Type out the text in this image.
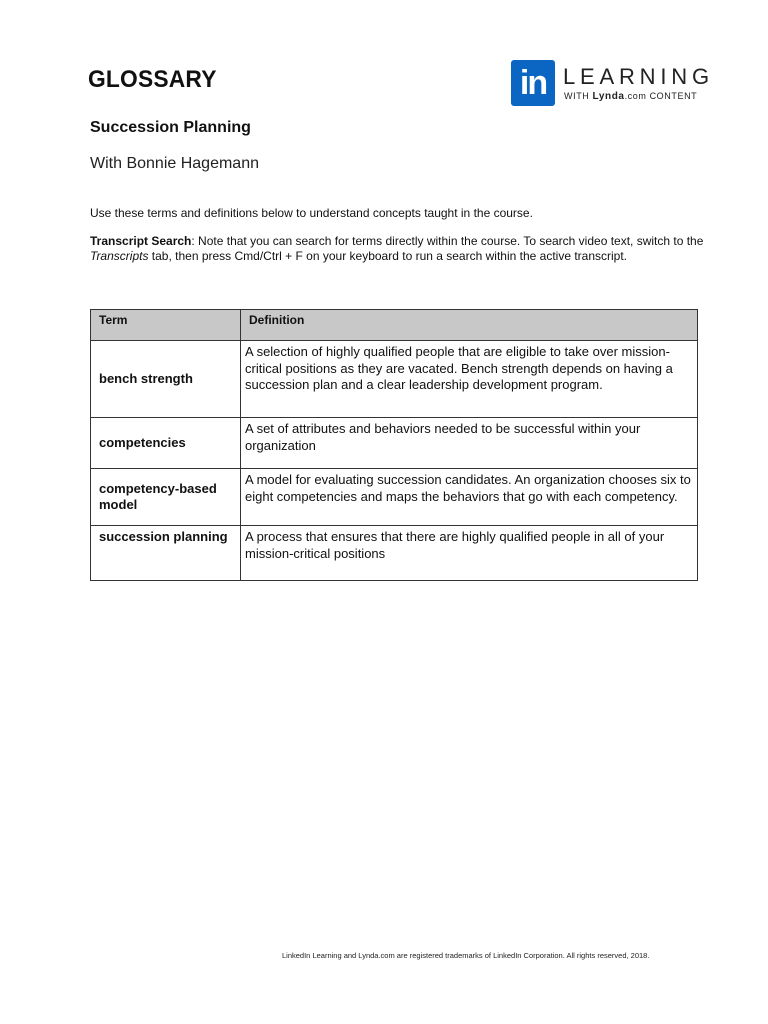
GLOSSARY	in LEARNING
WITH Lynda.com CONTENT
Succession Planning
With Bonnie Hagemann

Use these terms and definitions below to understand concepts taught in the course.

Transcript Search: Note that you can search for terms directly within the course. To search video text, switch to the Transcripts tab, then press Cmd/Ctrl + F on your keyboard to run a search within the active transcript.

Term	Definition
bench strength	A selection of highly qualified people that are eligible to take over mission-critical positions as they are vacated. Bench strength depends on having a succession plan and a clear leadership development program.
competencies	A set of attributes and behaviors needed to be successful within your organization
competency-based model	A model for evaluating succession candidates. An organization chooses six to eight competencies and maps the behaviors that go with each competency.
succession planning	A process that ensures that there are highly qualified people in all of your mission-critical positions
LinkedIn Learning and Lynda.com are registered trademarks of LinkedIn Corporation. All rights reserved, 2018.
